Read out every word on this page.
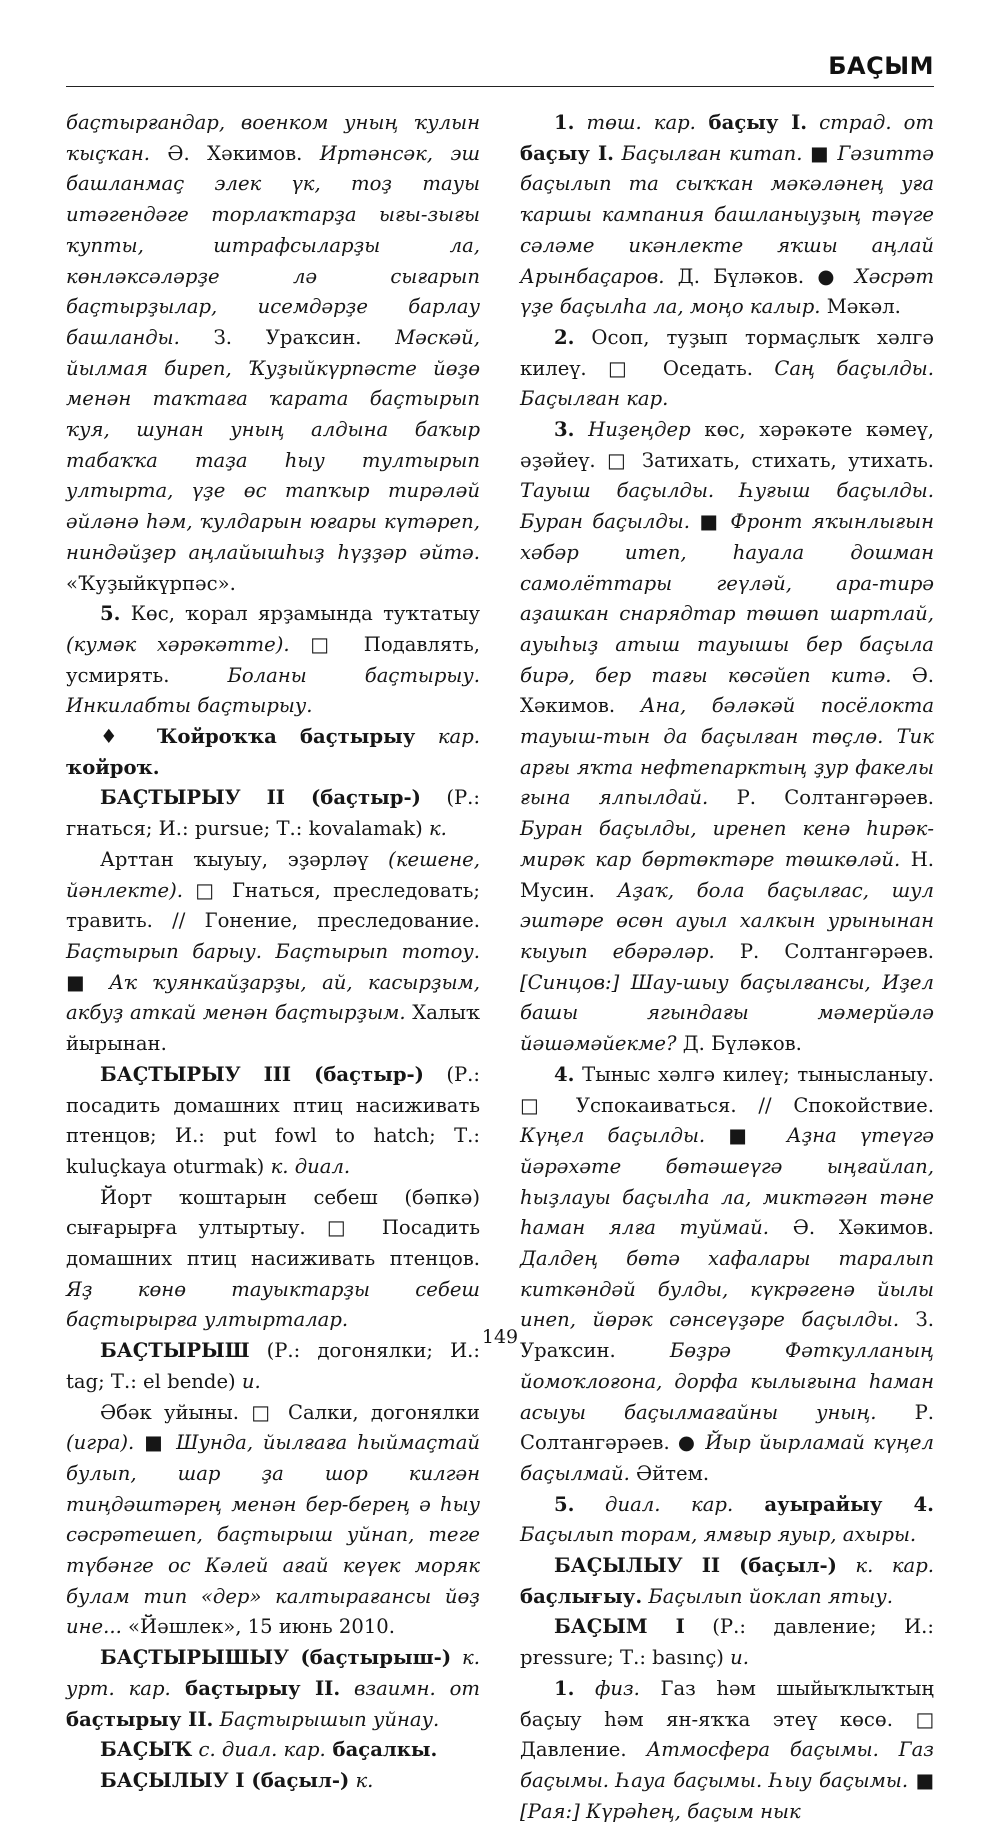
БАҪЫМ

баҫтырғандар, военком уның ҡулын ҡыҫҡан. Ә. Хәкимов. Иртәнсәк, эш башланмаҫ элек үк, тоҙ тауы итәгендәге торлаҡтарҙа ығы-зығы ҡупты, штрафсыларҙы ла, көнләксәләрҙе лә сығарып баҫтырҙылар, исемдәрҙе барлау башланды. З. Ураҡсин. Мәскәй, йылмая биреп, Ҡуҙыйкүрпәсте йөҙө менән таҡтаға ҡарата баҫтырып ҡуя, шунан уның алдына баҡыр табаҡҡа таҙа һыу тултырып ултырта, үҙе өс тапҡыр тирәләй әйләнә һәм, ҡулдарын юғары күтәреп, ниндәйҙер аңлайышһыҙ һүҙҙәр әйтә. «Ҡуҙыйкүрпәс».

5. Көс, ҡорал ярҙамында туҡтатыу (кумәк хәрәкәтте). □ Подавлять, усмирять. Боланы баҫтырыу. Инкилабты баҫтырыу.

♦ Ҡойроҡҡа баҫтырыу кар. ҡойроҡ.

БАҪТЫРЫУ II (баҫтыр-) (Р.: гнаться; И.: pursue; Т.: kovalamak) к.

Арттан ҡыуыу, эҙәрләү (кешене, йәнлекте). □ Гнаться, преследовать; травить. // Гонение, преследование. Баҫтырып барыу. Баҫтырып тотоу. ■ Аҡ ҡуянкайҙарҙы, ай, касырҙым, акбуҙ аткай менән баҫтырҙым. Халыҡ йырынан.

БАҪТЫРЫУ III (баҫтыр-) (Р.: посадить домашних птиц насиживать птенцов; И.: put fowl to hatch; Т.: kuluçkaya oturmak) к. диал.

Йорт ҡоштарын себеш (бәпкә) сығарырға ултыртыу. □ Посадить домашних птиц насиживать птенцов. Яҙ көнө тауыктарҙы себеш баҫтырырға ултырталар.

БАҪТЫРЫШ (Р.: догонялки; И.: tag; Т.: el bende) и.

Әбәк уйыны. □ Салки, догонялки (игра). ■ Шунда, йылғаға һыймаҫтай булып, шар ҙа шор килгән тиңдәштәрең менән бер-берең ә һыу сәсрәтешеп, баҫтырыш уйнап, теге түбәнге ос Кәлей ағай кеүек моряк булам тип «дер» калтырағансы йөҙ ине... «Йәшлек», 15 июнь 2010.

БАҪТЫРЫШЫУ (баҫтырыш-) к. урт. кар. баҫтырыу II. взаимн. от баҫтырыу II. Баҫтырышып уйнау.

БАҪЫҠ с. диал. кар. баҫалкы.

БАҪЫЛЫУ I (баҫыл-) к.

1. төш. кар. баҫыу I. страд. от баҫыу I. Баҫылған китап. ■ Гәзиттә баҫылып та сыҡҡан мәкәләнең уға ҡаршы кампания башланыуҙың тәүге сәләме икәнлекте яҡшы аңлай Арынбаҫаров. Д. Бүләков. ● Хәсрәт үҙе баҫылһа ла, моңо калыр. Мәкәл.

2. Осоп, туҙып тормаҫлыҡ хәлгә килеү. □ Оседать. Саң баҫылды. Баҫылған кар.

3. Ниҙеңдер көс, хәрәкәте кәмеү, әҙәйеү. □ Затихать, стихать, утихать. Тауыш баҫылды. Һуғыш баҫылды. Буран баҫылды. ■ Фронт яҡынлығын хәбәр итеп, һауала дошман самолёттары геүләй, ара-тирә аҙашкан снарядтар төшөп шартлай, ауыһыҙ атыш тауышы бер баҫыла бирә, бер тағы көсәйеп китә. Ә. Хәкимов. Ана, бәләкәй посёлокта тауыш-тын да баҫылған төҫлө. Тик арғы яҡта нефтепарктың ҙур факелы ғына ялпылдай. Р. Солтангәрәев. Буран баҫылды, иренеп кенә һирәк-мирәк кар бөртөктәре төшкөләй. Н. Мусин. Аҙаҡ, бола баҫылғас, шул эштәре өсөн ауыл халкын урынынан кыуып ебәрәләр. Р. Солтангәрәев. [Синцов:] Шау-шыу баҫылғансы, Иҙел башы ягындағы мәмерйәлә йәшәмәйекме? Д. Бүләков.

4. Тыныс хәлгә килеү; тынысланыу. □ Успокаиваться. // Спокойствие. Күңел баҫылды. ■ Аҙна үтеүгә йәрәхәте бөтәшеүгә ыңғайлап, һыҙлауы баҫылһа ла, миктәгән тәне һаман ялға туймай. Ә. Хәкимов. Далдең бөтә хафалары таралып киткәндәй булды, күкрәгенә йылы инеп, йөрәк сәнсеүҙәре баҫылды. З. Ураҡсин. Бөҙрә Фәткулланың йомоҡлоғона, дорфа кылығына һаман асыуы баҫылмағайны уның. Р. Солтангәрәев. ● Йыр йырламай күңел баҫылмай. Әйтем.

5. диал. кар. ауырайыу 4. Баҫылып торам, ямғыр яуыр, ахыры.

БАҪЫЛЫУ II (баҫыл-) к. кар. баҫлығыу. Баҫылып йоклап ятыу.

БАҪЫМ I (Р.: давление; И.: pressure; Т.: basınç) и.

1. физ. Газ һәм шыйыҡлыҡтың баҫыу һәм ян-яҡҡа этеү көсө. □ Давление. Атмосфера баҫымы. Газ баҫымы. Һауа баҫымы. Һыу баҫымы. ■ [Рая:] Күрәһең, баҫым нык

149
